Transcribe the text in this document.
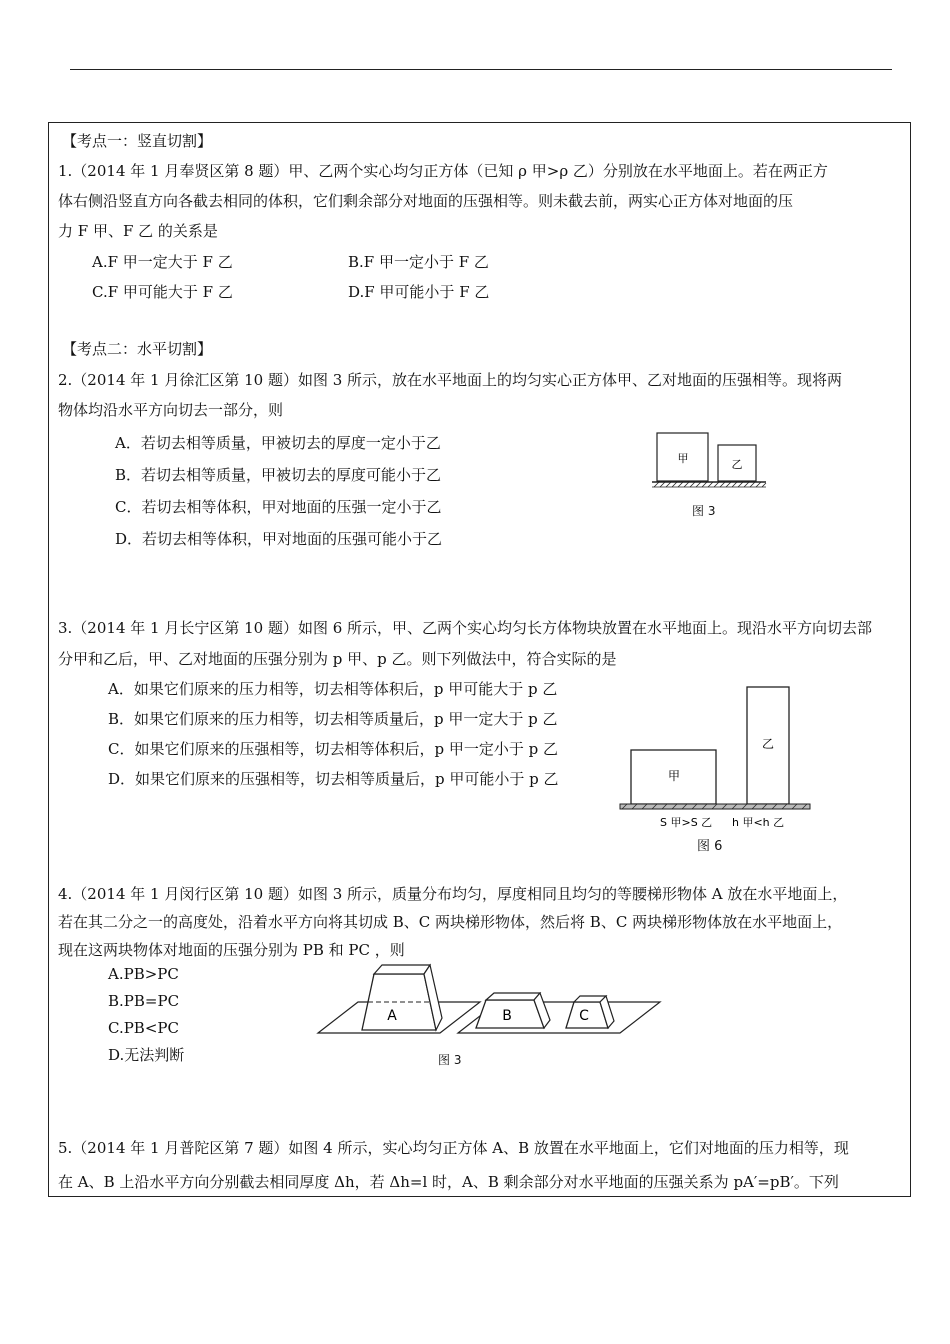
【考点一：竖直切割】
1.（2014 年 1 月奉贤区第 8 题）甲、乙两个实心均匀正方体（已知 ρ 甲>ρ 乙）分别放在水平地面上。若在两正方
体右侧沿竖直方向各截去相同的体积，它们剩余部分对地面的压强相等。则未截去前，两实心正方体对地面的压
力 F 甲、F 乙 的关系是
A.F 甲一定大于 F 乙	B.F 甲一定小于 F 乙
C.F 甲可能大于 F 乙	D.F 甲可能小于 F 乙
【考点二：水平切割】
2.（2014 年 1 月徐汇区第 10 题）如图 3 所示，放在水平地面上的均匀实心正方体甲、乙对地面的压强相等。现将两
物体均沿水平方向切去一部分，则
A．若切去相等质量，甲被切去的厚度一定小于乙
B．若切去相等质量，甲被切去的厚度可能小于乙
C．若切去相等体积，甲对地面的压强一定小于乙
D．若切去相等体积，甲对地面的压强可能小于乙
甲	乙
图 3
3.（2014 年 1 月长宁区第 10 题）如图 6 所示，甲、乙两个实心均匀长方体物块放置在水平地面上。现沿水平方向切去部
分甲和乙后，甲、乙对地面的压强分别为 p 甲、p 乙。则下列做法中，符合实际的是
A．如果它们原来的压力相等，切去相等体积后，p 甲可能大于 p 乙
B．如果它们原来的压力相等，切去相等质量后，p 甲一定大于 p 乙
C．如果它们原来的压强相等，切去相等体积后，p 甲一定小于 p 乙
D．如果它们原来的压强相等，切去相等质量后，p 甲可能小于 p 乙	甲
乙
S 甲>S 乙 h 甲<h 乙
图 6
4.（2014 年 1 月闵行区第 10 题）如图 3 所示，质量分布均匀，厚度相同且均匀的等腰梯形物体 A 放在水平地面上，
若在其二分之一的高度处，沿着水平方向将其切成 B、C 两块梯形物体，然后将 B、C 两块梯形物体放在水平地面上，
现在这两块物体对地面的压强分别为 PB 和 PC ，则
A.PB>PC
B.PB=PC
C.PB<PC
D.无法判断
A	B	C
图 3
5.（2014 年 1 月普陀区第 7 题）如图 4 所示，实心均匀正方体 A、B 放置在水平地面上，它们对地面的压力相等，现
在 A、B 上沿水平方向分别截去相同厚度 Δh，若 Δh=l 时，A、B 剩余部分对水平地面的压强关系为 pA′=pB′。下列
